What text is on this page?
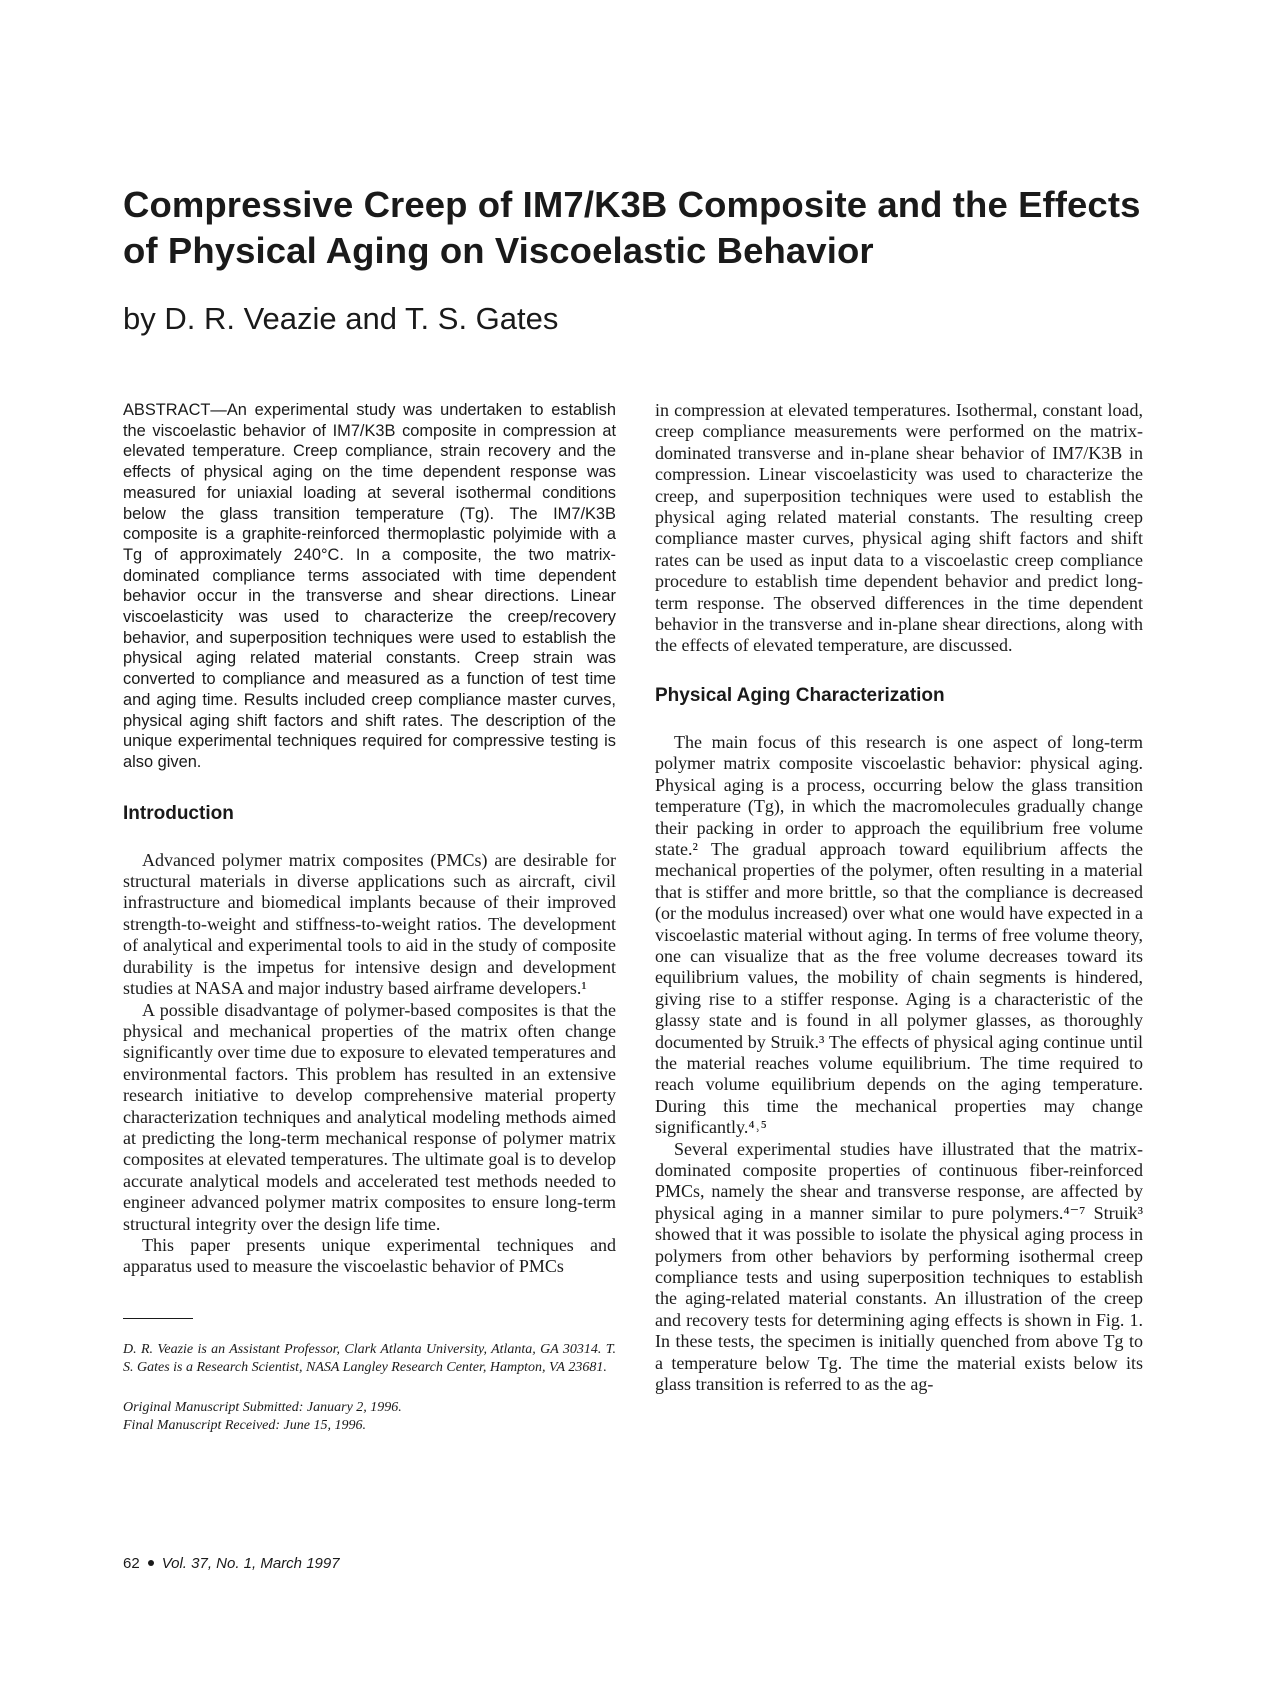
Compressive Creep of IM7/K3B Composite and the Effects of Physical Aging on Viscoelastic Behavior
by D. R. Veazie and T. S. Gates

ABSTRACT—An experimental study was undertaken to establish the viscoelastic behavior of IM7/K3B composite in compression at elevated temperature. Creep compliance, strain recovery and the effects of physical aging on the time dependent response was measured for uniaxial loading at several isothermal conditions below the glass transition temperature (Tg). The IM7/K3B composite is a graphite-reinforced thermoplastic polyimide with a Tg of approximately 240°C. In a composite, the two matrix-dominated compliance terms associated with time dependent behavior occur in the transverse and shear directions. Linear viscoelasticity was used to characterize the creep/recovery behavior, and superposition techniques were used to establish the physical aging related material constants. Creep strain was converted to compliance and measured as a function of test time and aging time. Results included creep compliance master curves, physical aging shift factors and shift rates. The description of the unique experimental techniques required for compressive testing is also given.

Introduction

Advanced polymer matrix composites (PMCs) are desirable for structural materials in diverse applications such as aircraft, civil infrastructure and biomedical implants because of their improved strength-to-weight and stiffness-to-weight ratios. The development of analytical and experimental tools to aid in the study of composite durability is the impetus for intensive design and development studies at NASA and major industry based airframe developers.¹

A possible disadvantage of polymer-based composites is that the physical and mechanical properties of the matrix often change significantly over time due to exposure to elevated temperatures and environmental factors. This problem has resulted in an extensive research initiative to develop comprehensive material property characterization techniques and analytical modeling methods aimed at predicting the long-term mechanical response of polymer matrix composites at elevated temperatures. The ultimate goal is to develop accurate analytical models and accelerated test methods needed to engineer advanced polymer matrix composites to ensure long-term structural integrity over the design life time.

This paper presents unique experimental techniques and apparatus used to measure the viscoelastic behavior of PMCs

D. R. Veazie is an Assistant Professor, Clark Atlanta University, Atlanta, GA 30314. T. S. Gates is a Research Scientist, NASA Langley Research Center, Hampton, VA 23681.

Original Manuscript Submitted: January 2, 1996.

Final Manuscript Received: June 15, 1996.

in compression at elevated temperatures. Isothermal, constant load, creep compliance measurements were performed on the matrix-dominated transverse and in-plane shear behavior of IM7/K3B in compression. Linear viscoelasticity was used to characterize the creep, and superposition techniques were used to establish the physical aging related material constants. The resulting creep compliance master curves, physical aging shift factors and shift rates can be used as input data to a viscoelastic creep compliance procedure to establish time dependent behavior and predict long-term response. The observed differences in the time dependent behavior in the transverse and in-plane shear directions, along with the effects of elevated temperature, are discussed.

Physical Aging Characterization

The main focus of this research is one aspect of long-term polymer matrix composite viscoelastic behavior: physical aging. Physical aging is a process, occurring below the glass transition temperature (Tg), in which the macromolecules gradually change their packing in order to approach the equilibrium free volume state.² The gradual approach toward equilibrium affects the mechanical properties of the polymer, often resulting in a material that is stiffer and more brittle, so that the compliance is decreased (or the modulus increased) over what one would have expected in a viscoelastic material without aging. In terms of free volume theory, one can visualize that as the free volume decreases toward its equilibrium values, the mobility of chain segments is hindered, giving rise to a stiffer response. Aging is a characteristic of the glassy state and is found in all polymer glasses, as thoroughly documented by Struik.³ The effects of physical aging continue until the material reaches volume equilibrium. The time required to reach volume equilibrium depends on the aging temperature. During this time the mechanical properties may change significantly.⁴˒⁵

Several experimental studies have illustrated that the matrix-dominated composite properties of continuous fiber-reinforced PMCs, namely the shear and transverse response, are affected by physical aging in a manner similar to pure polymers.⁴⁻⁷ Struik³ showed that it was possible to isolate the physical aging process in polymers from other behaviors by performing isothermal creep compliance tests and using superposition techniques to establish the aging-related material constants. An illustration of the creep and recovery tests for determining aging effects is shown in Fig. 1. In these tests, the specimen is initially quenched from above Tg to a temperature below Tg. The time the material exists below its glass transition is referred to as the ag-

62 Vol. 37, No. 1, March 1997
